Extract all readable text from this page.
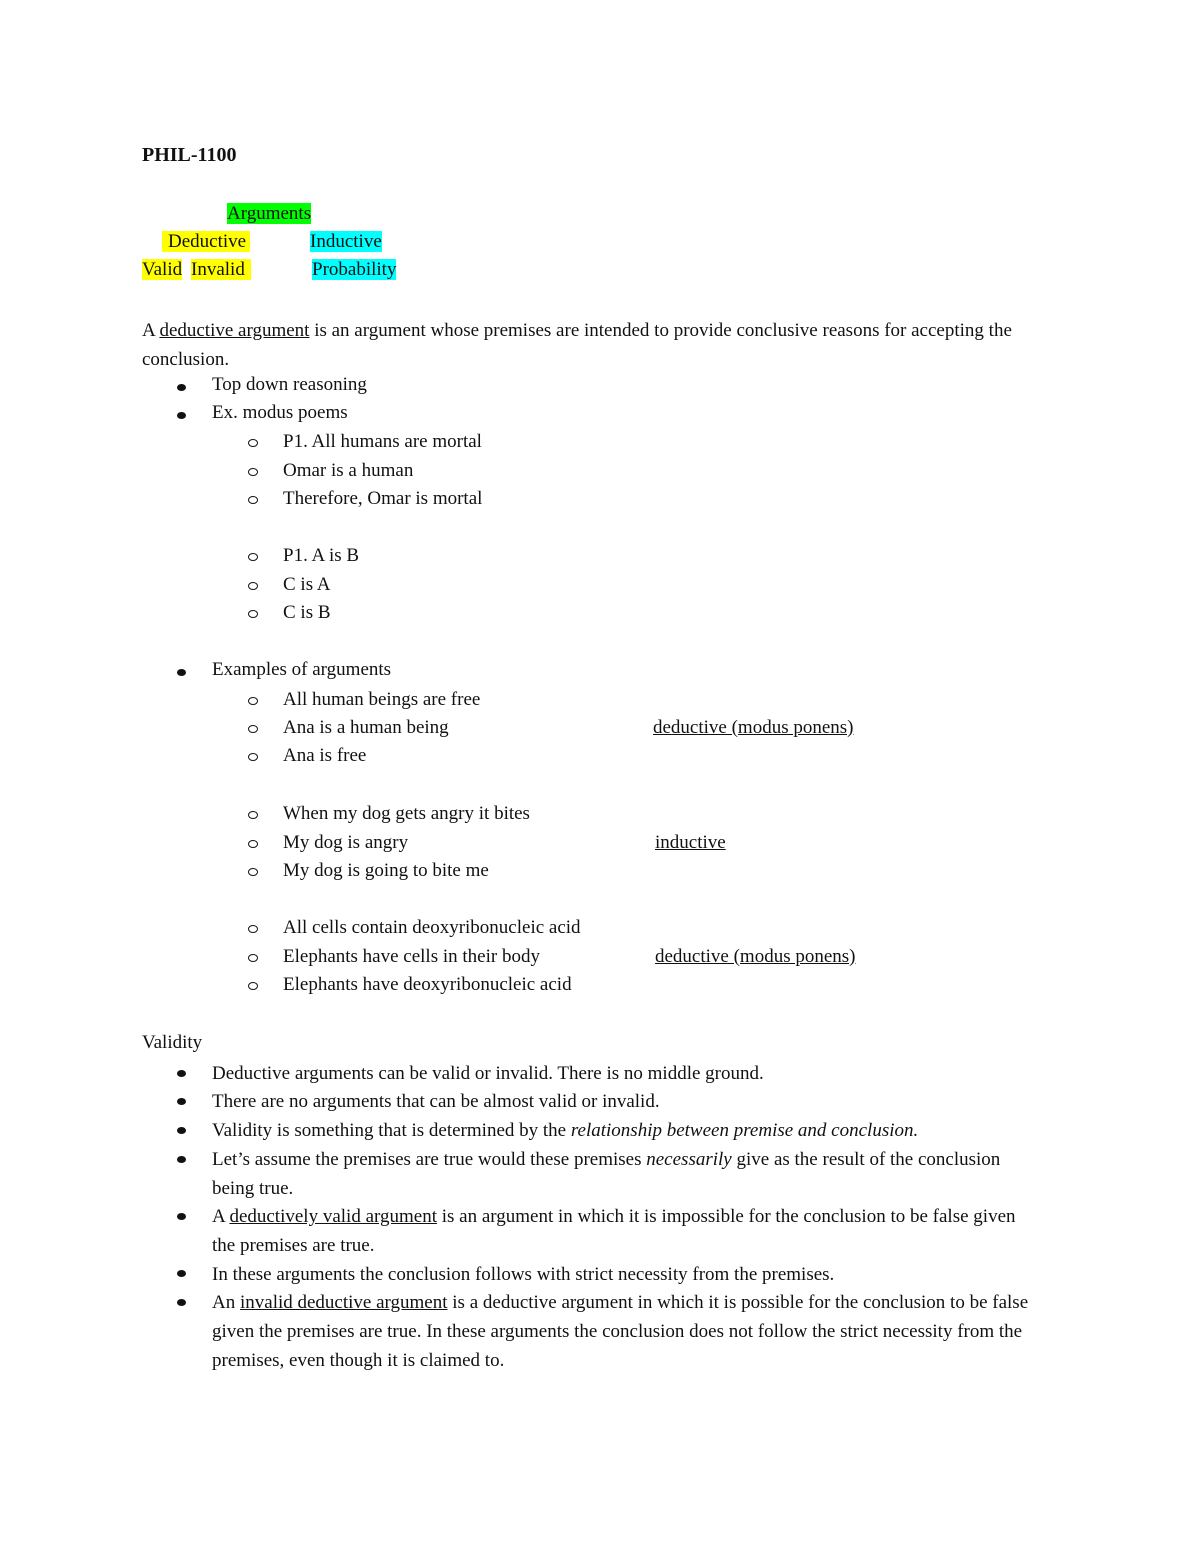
PHIL-1100
Arguments
Deductive	Inductive
Valid Invalid	Probability
A deductive argument is an argument whose premises are intended to provide conclusive reasons for accepting the conclusion.
Top down reasoning
Ex. modus poems
P1. All humans are mortal
Omar is a human
Therefore, Omar is mortal
P1. A is B
C is A
C is B
Examples of arguments
All human beings are free
Ana is a human being	deductive (modus ponens)
Ana is free
When my dog gets angry it bites
My dog is angry	inductive
My dog is going to bite me
All cells contain deoxyribonucleic acid
Elephants have cells in their body	deductive (modus ponens)
Elephants have deoxyribonucleic acid
Validity
Deductive arguments can be valid or invalid. There is no middle ground.
There are no arguments that can be almost valid or invalid.
Validity is something that is determined by the relationship between premise and conclusion.
Let’s assume the premises are true would these premises necessarily give as the result of the conclusion being true.
A deductively valid argument is an argument in which it is impossible for the conclusion to be false given the premises are true.
In these arguments the conclusion follows with strict necessity from the premises.
An invalid deductive argument is a deductive argument in which it is possible for the conclusion to be false given the premises are true. In these arguments the conclusion does not follow the strict necessity from the premises, even though it is claimed to.
